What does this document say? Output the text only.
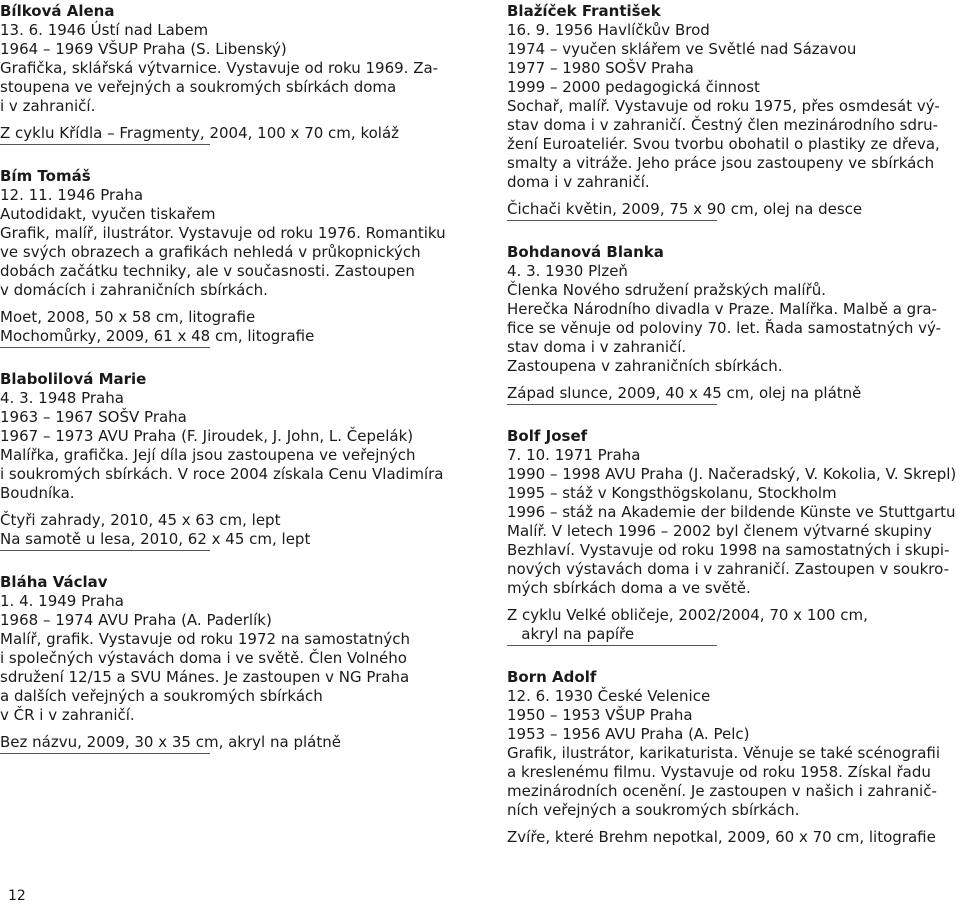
Bílková Alena
13. 6. 1946 Ústí nad Labem
1964 – 1969 VŠUP Praha (S. Libenský)
Grafička, sklářská výtvarnice. Vystavuje od roku 1969. Za-
stoupena ve veřejných a soukromých sbírkách doma
i v zahraničí.
Z cyklu Křídla – Fragmenty, 2004, 100 x 70 cm, koláž
Bím Tomáš
12. 11. 1946 Praha
Autodidakt, vyučen tiskařem
Grafik, malíř, ilustrátor. Vystavuje od roku 1976. Romantiku
ve svých obrazech a grafikách nehledá v průkopnických
dobách začátku techniky, ale v současnosti. Zastoupen
v domácích i zahraničních sbírkách.
Moet, 2008, 50 x 58 cm, litografie
Mochomůrky, 2009, 61 x 48 cm, litografie
Blabolilová Marie
4. 3. 1948 Praha
1963 – 1967 SOŠV Praha
1967 – 1973 AVU Praha (F. Jiroudek, J. John, L. Čepelák)
Malířka, grafička. Její díla jsou zastoupena ve veřejných
i soukromých sbírkách. V roce 2004 získala Cenu Vladimíra
Boudníka.
Čtyři zahrady, 2010, 45 x 63 cm, lept
Na samotě u lesa, 2010, 62 x 45 cm, lept
Bláha Václav
1. 4. 1949 Praha
1968 – 1974 AVU Praha (A. Paderlík)
Malíř, grafik. Vystavuje od roku 1972 na samostatných
i společných výstavách doma i ve světě. Člen Volného
sdružení 12/15 a SVU Mánes. Je zastoupen v NG Praha
a dalších veřejných a soukromých sbírkách
v ČR i v zahraničí.
Bez názvu, 2009, 30 x 35 cm, akryl na plátně
Blažíček František
16. 9. 1956 Havlíčkův Brod
1974 – vyučen sklářem ve Světlé nad Sázavou
1977 – 1980 SOŠV Praha
1999 – 2000 pedagogická činnost
Sochař, malíř. Vystavuje od roku 1975, přes osmdesát vý-
stav doma i v zahraničí. Čestný člen mezinárodního sdru-
žení Euroateliér. Svou tvorbu obohatil o plastiky ze dřeva,
smalty a vitráže. Jeho práce jsou zastoupeny ve sbírkách
doma i v zahraničí.
Čichači květin, 2009, 75 x 90 cm, olej na desce
Bohdanová Blanka
4. 3. 1930 Plzeň
Členka Nového sdružení pražských malířů.
Herečka Národního divadla v Praze. Malířka. Malbě a gra-
fice se věnuje od poloviny 70. let. Řada samostatných vý-
stav doma i v zahraničí.
Zastoupena v zahraničních sbírkách.
Západ slunce, 2009, 40 x 45 cm, olej na plátně
Bolf Josef
7. 10. 1971 Praha
1990 – 1998 AVU Praha (J. Načeradský, V. Kokolia, V. Skrepl)
1995 – stáž v Kongsthögskolanu, Stockholm
1996 – stáž na Akademie der bildende Künste ve Stuttgartu
Malíř. V letech 1996 – 2002 byl členem výtvarné skupiny
Bezhlaví. Vystavuje od roku 1998 na samostatných i skupi-
nových výstavách doma i v zahraničí. Zastoupen v soukro-
mých sbírkách doma a ve světě.
Z cyklu Velké obličeje, 2002/2004, 70 x 100 cm,
akryl na papíře
Born Adolf
12. 6. 1930 České Velenice
1950 – 1953 VŠUP Praha
1953 – 1956 AVU Praha (A. Pelc)
Grafik, ilustrátor, karikaturista. Věnuje se také scénografii
a kreslenému filmu. Vystavuje od roku 1958. Získal řadu
mezinárodních ocenění. Je zastoupen v našich i zahranič-
ních veřejných a soukromých sbírkách.
Zvíře, které Brehm nepotkal, 2009, 60 x 70 cm, litografie
12
